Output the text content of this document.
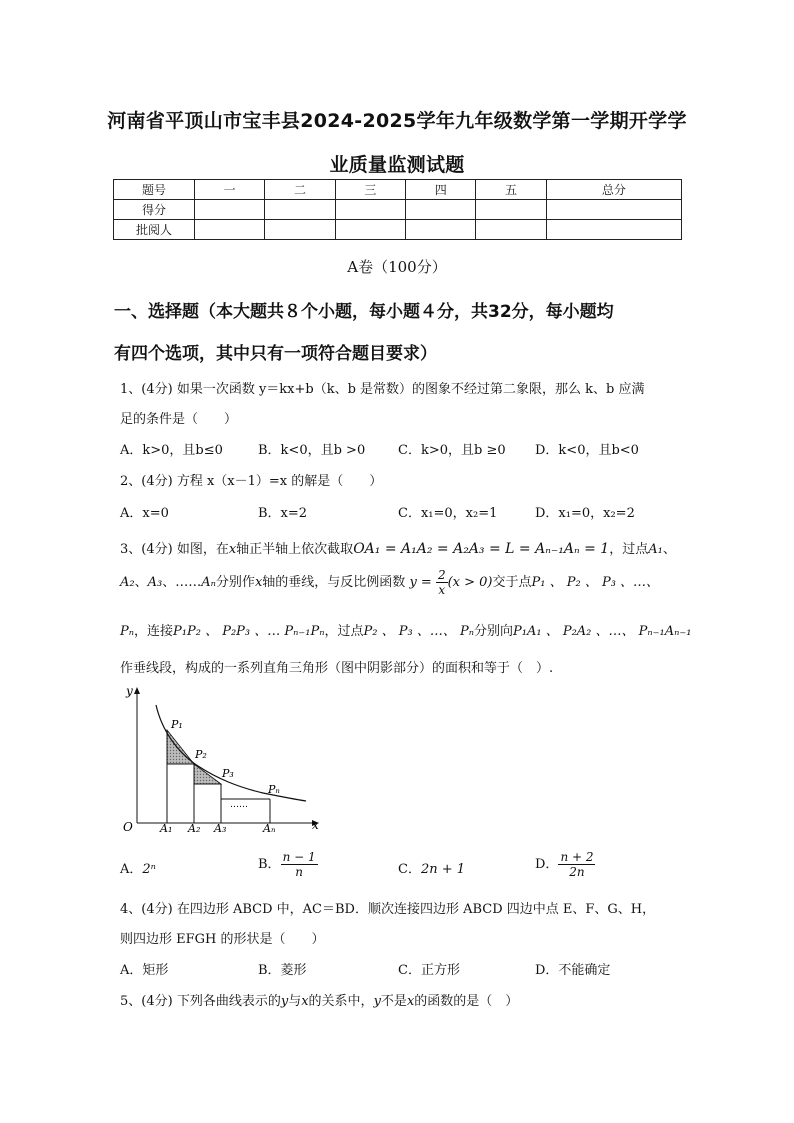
河南省平顶山市宝丰县2024-2025学年九年级数学第一学期开学学
业质量监测试题
题号	一	二	三	四	五	总分
得分						
批阅人						
A卷（100分）
一、选择题（本大题共８个小题，每小题４分，共32分，每小题均
有四个选项，其中只有一项符合题目要求）
1、(4分) 如果一次函数 y＝kx+b（k、b 是常数）的图象不经过第二象限，那么 k、b 应满
足的条件是（　　）
A．k>0，且b≤0	B．k<0，且b >0	C．k>0，且b ≥0 D．k<0，且b<0
2、(4分) 方程 x（x－1）=x 的解是（　　）
A．x=0	B．x=2	C．x₁=0，x₂=1	D．x₁=0，x₂=2
3、(4分) 如图，在x轴正半轴上依次截取OA₁ = A₁A₂ = A₂A₃ = L = Aₙ₋₁Aₙ = 1，过点A₁、
A₂、A₃、……Aₙ分别作x轴的垂线，与反比例函数 $y = \frac{2}{x} (x > 0)$交于点P₁ 、 P₂ 、 P₃ 、…、
Pₙ，连接P₁P₂ 、 P₂P₃ 、… Pₙ₋₁Pₙ，过点P₂ 、 P₃ 、…、 Pₙ分别向P₁A₁ 、 P₂A₂ 、…、 Pₙ₋₁Aₙ₋₁
作垂线段，构成的一系列直角三角形（图中阴影部分）的面积和等于（　）.
y
x
O A₁ A₂ A₃	Aₙ
P₁
P₂
P₃
Pₙ
……
A．2ⁿ	B． $\frac{n - 1}{n}$	C．2n + 1	D． $\frac{n + 2}{2n}$
4、(4分) 在四边形 ABCD 中，AC＝BD．顺次连接四边形 ABCD 四边中点 E、F、G、H，
则四边形 EFGH 的形状是（　　）
A．矩形	B．菱形	C．正方形	D．不能确定
5、(4分) 下列各曲线表示的y与x的关系中，y不是x的函数的是（　）
